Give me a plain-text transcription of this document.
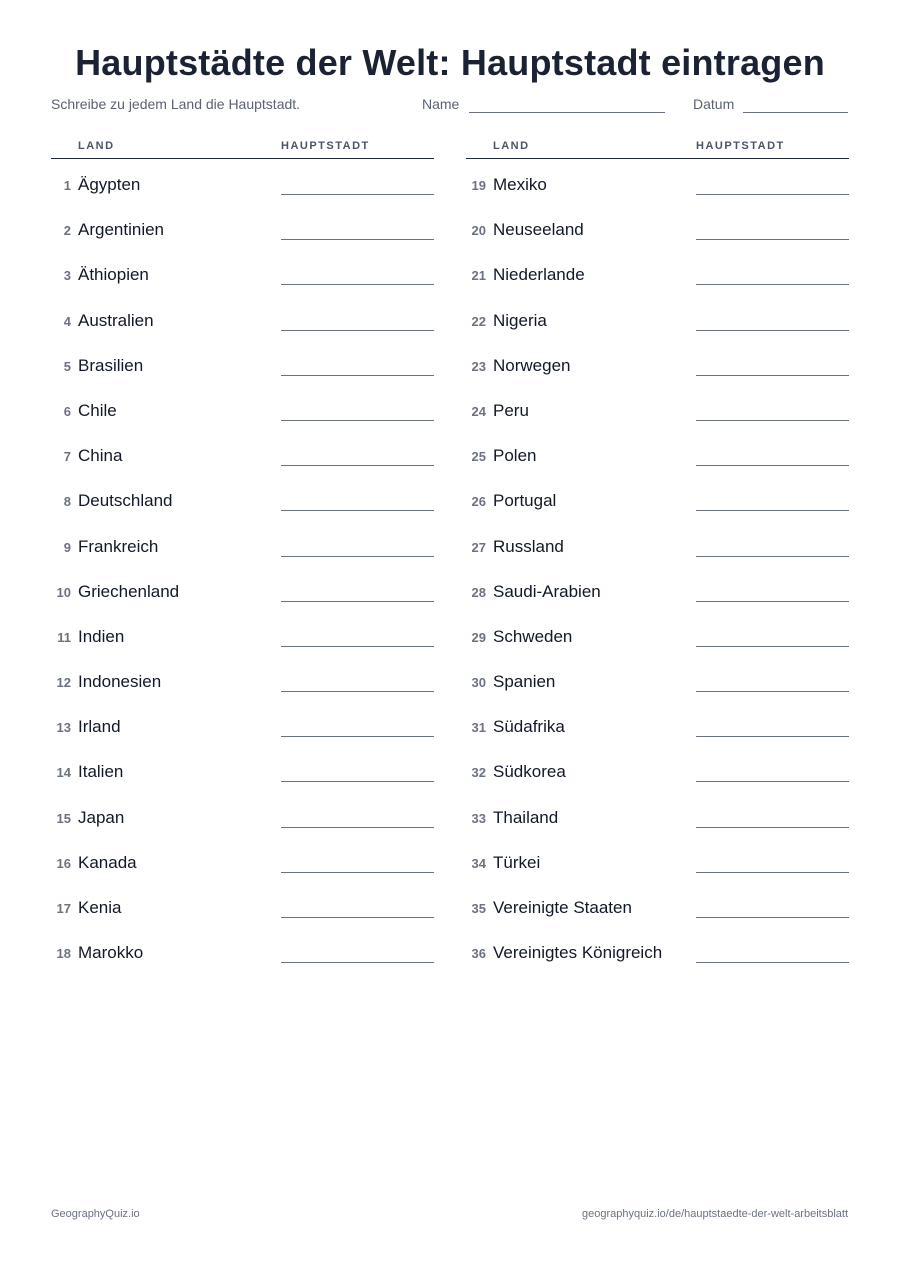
Hauptstädte der Welt: Hauptstadt eintragen
Schreibe zu jedem Land die Hauptstadt.	Name	Datum
LAND	HAUPTSTADT
1 Ägypten
2 Argentinien
3 Äthiopien
4 Australien
5 Brasilien
6 Chile
7 China
8 Deutschland
9 Frankreich
10 Griechenland
11 Indien
12 Indonesien
13 Irland
14 Italien
15 Japan
16 Kanada
17 Kenia
18 Marokko
LAND	HAUPTSTADT
19 Mexiko
20 Neuseeland
21 Niederlande
22 Nigeria
23 Norwegen
24 Peru
25 Polen
26 Portugal
27 Russland
28 Saudi-Arabien
29 Schweden
30 Spanien
31 Südafrika
32 Südkorea
33 Thailand
34 Türkei
35 Vereinigte Staaten
36 Vereinigtes Königreich
GeographyQuiz.io	geographyquiz.io/de/hauptstaedte-der-welt-arbeitsblatt
